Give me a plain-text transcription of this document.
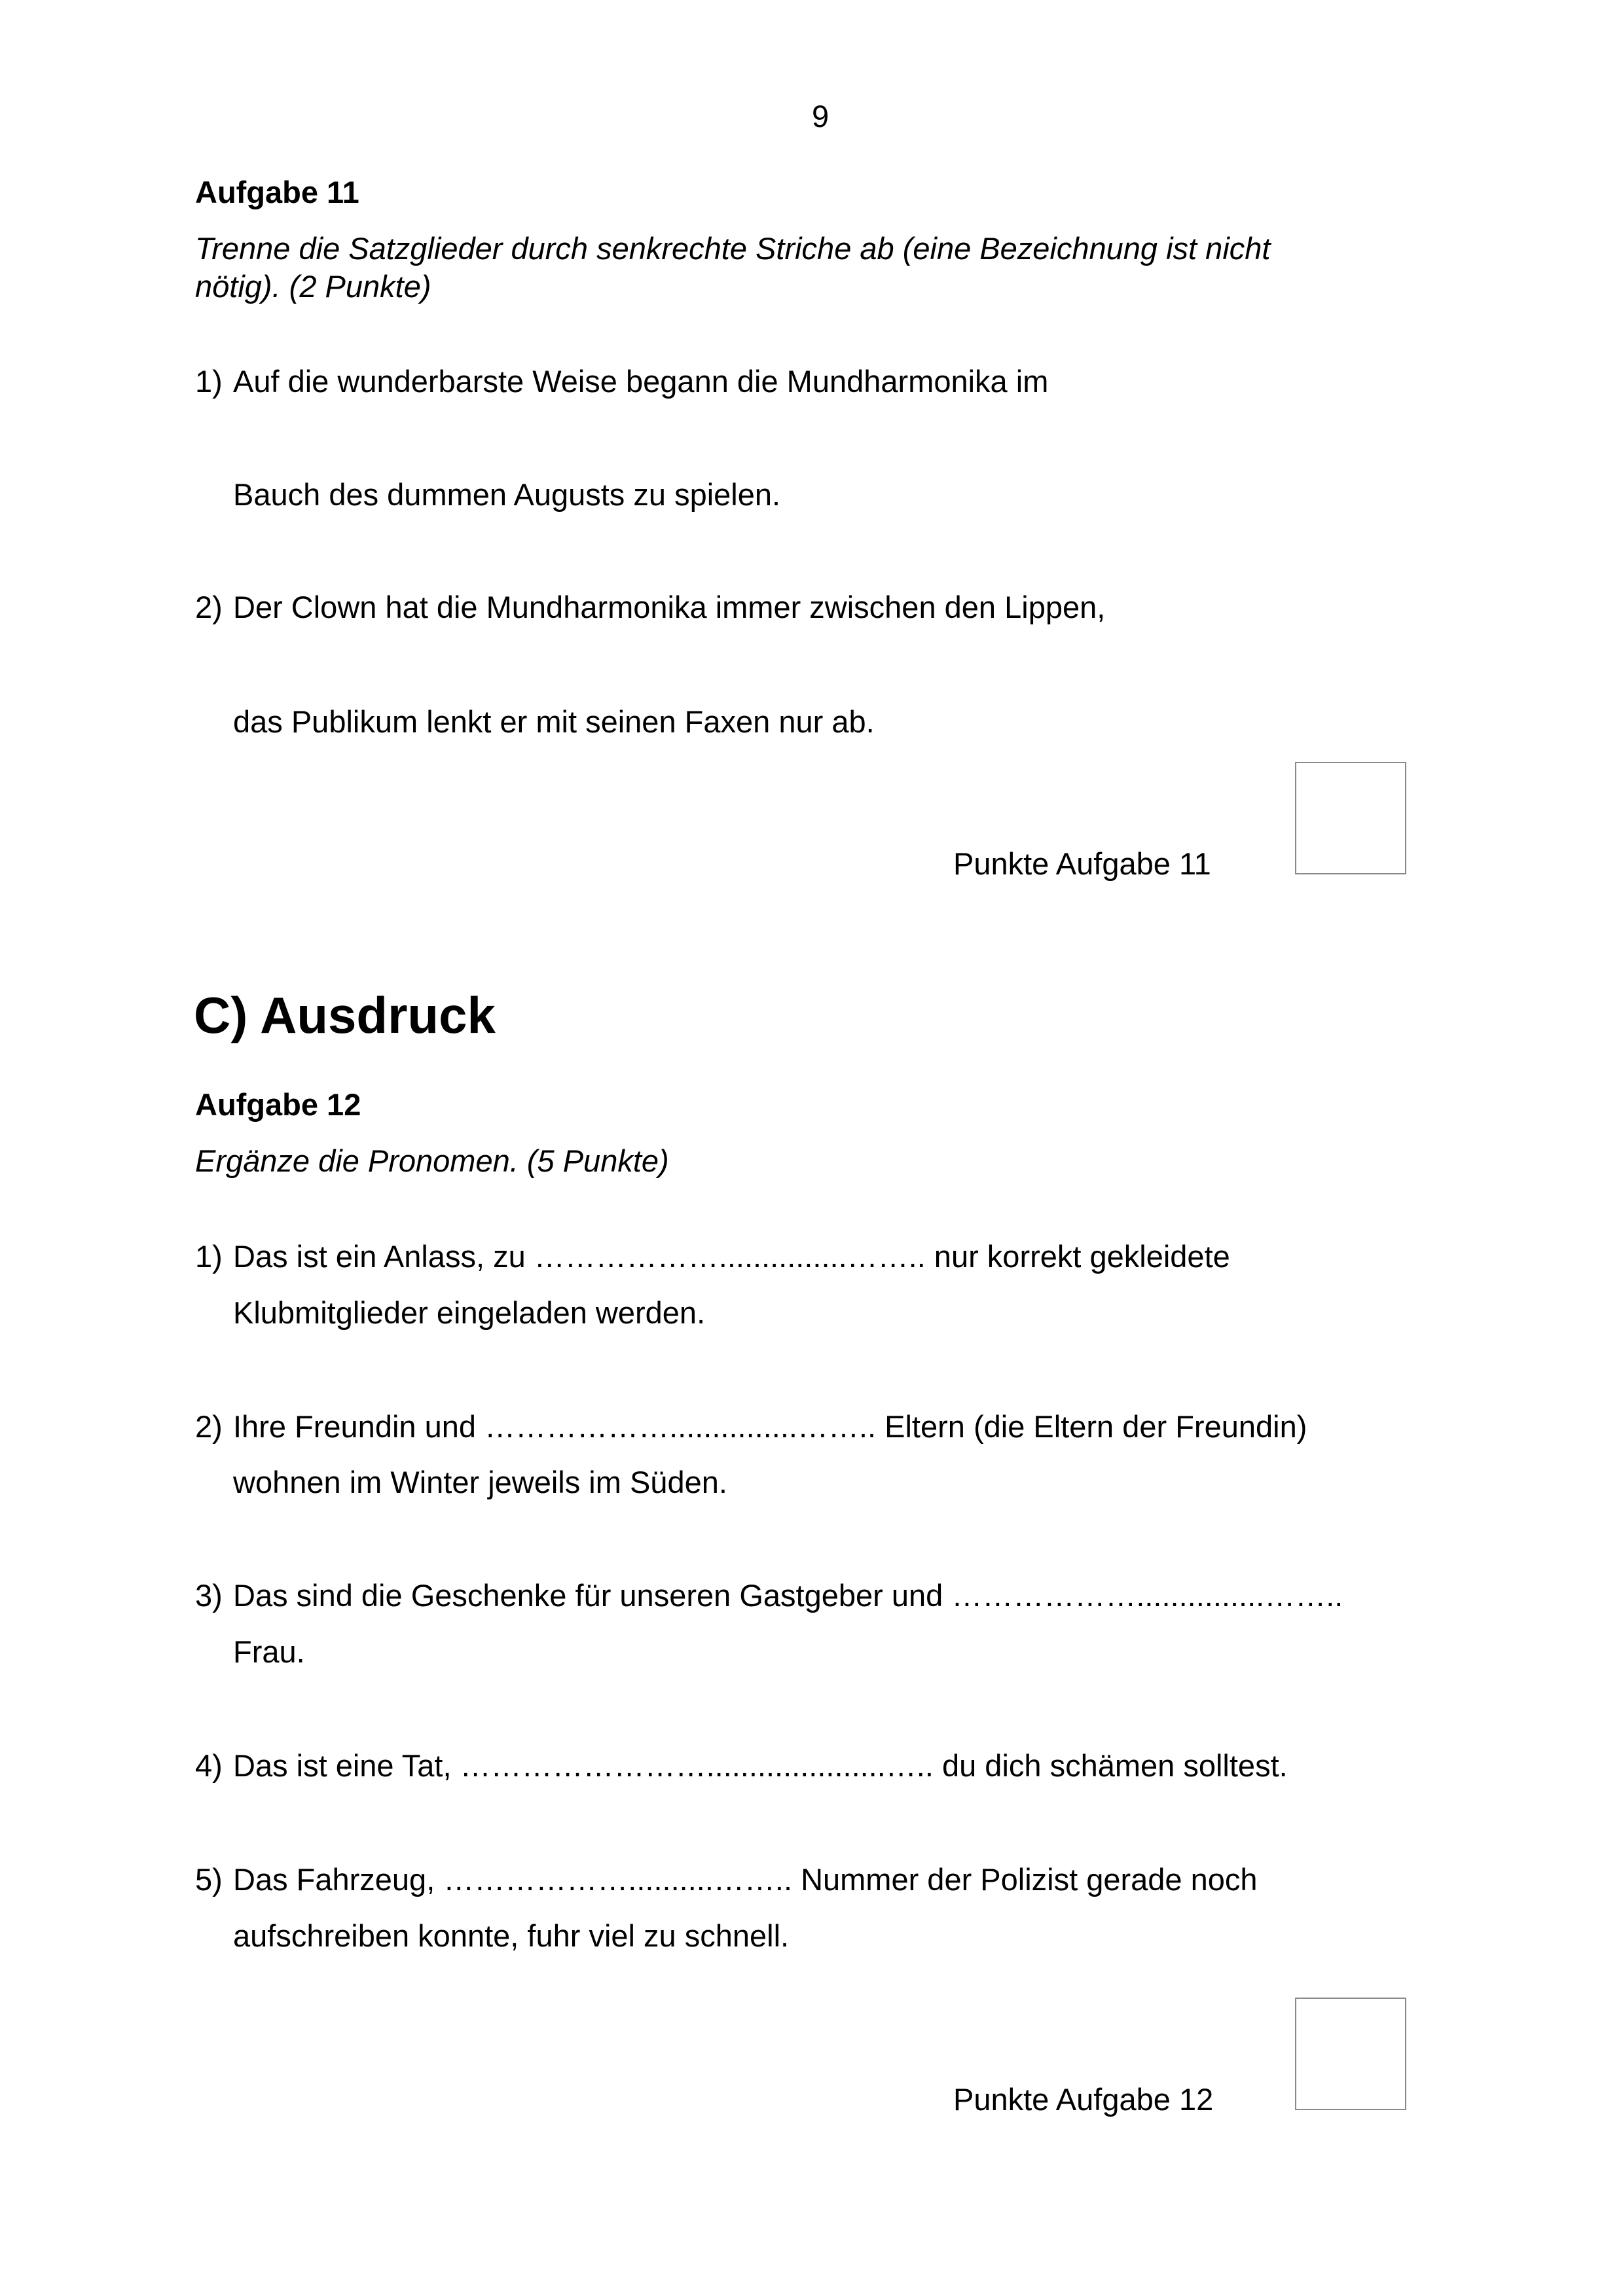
9
Aufgabe 11
Trenne die Satzglieder durch senkrechte Striche ab (eine Bezeichnung ist nicht
nötig). (2 Punkte)
1) Auf die wunderbarste Weise begann die Mundharmonika im
Bauch des dummen Augusts zu spielen.
2) Der Clown hat die Mundharmonika immer zwischen den Lippen,
das Publikum lenkt er mit seinen Faxen nur ab.
Punkte Aufgabe 11
C) Ausdruck
Aufgabe 12
Ergänze die Pronomen. (5 Punkte)
1) Das ist ein Anlass, zu ………………...............…….. nur korrekt gekleidete
Klubmitglieder eingeladen werden.
2) Ihre Freundin und ………………...............…….. Eltern (die Eltern der Freundin)
wohnen im Winter jeweils im Süden.
3) Das sind die Geschenke für unseren Gastgeber und ………………...............……..
Frau.
4) Das ist eine Tat, …………………….....................….. du dich schämen solltest.
5) Das Fahrzeug, ………………..........…….. Nummer der Polizist gerade noch
aufschreiben konnte, fuhr viel zu schnell.
Punkte Aufgabe 12
